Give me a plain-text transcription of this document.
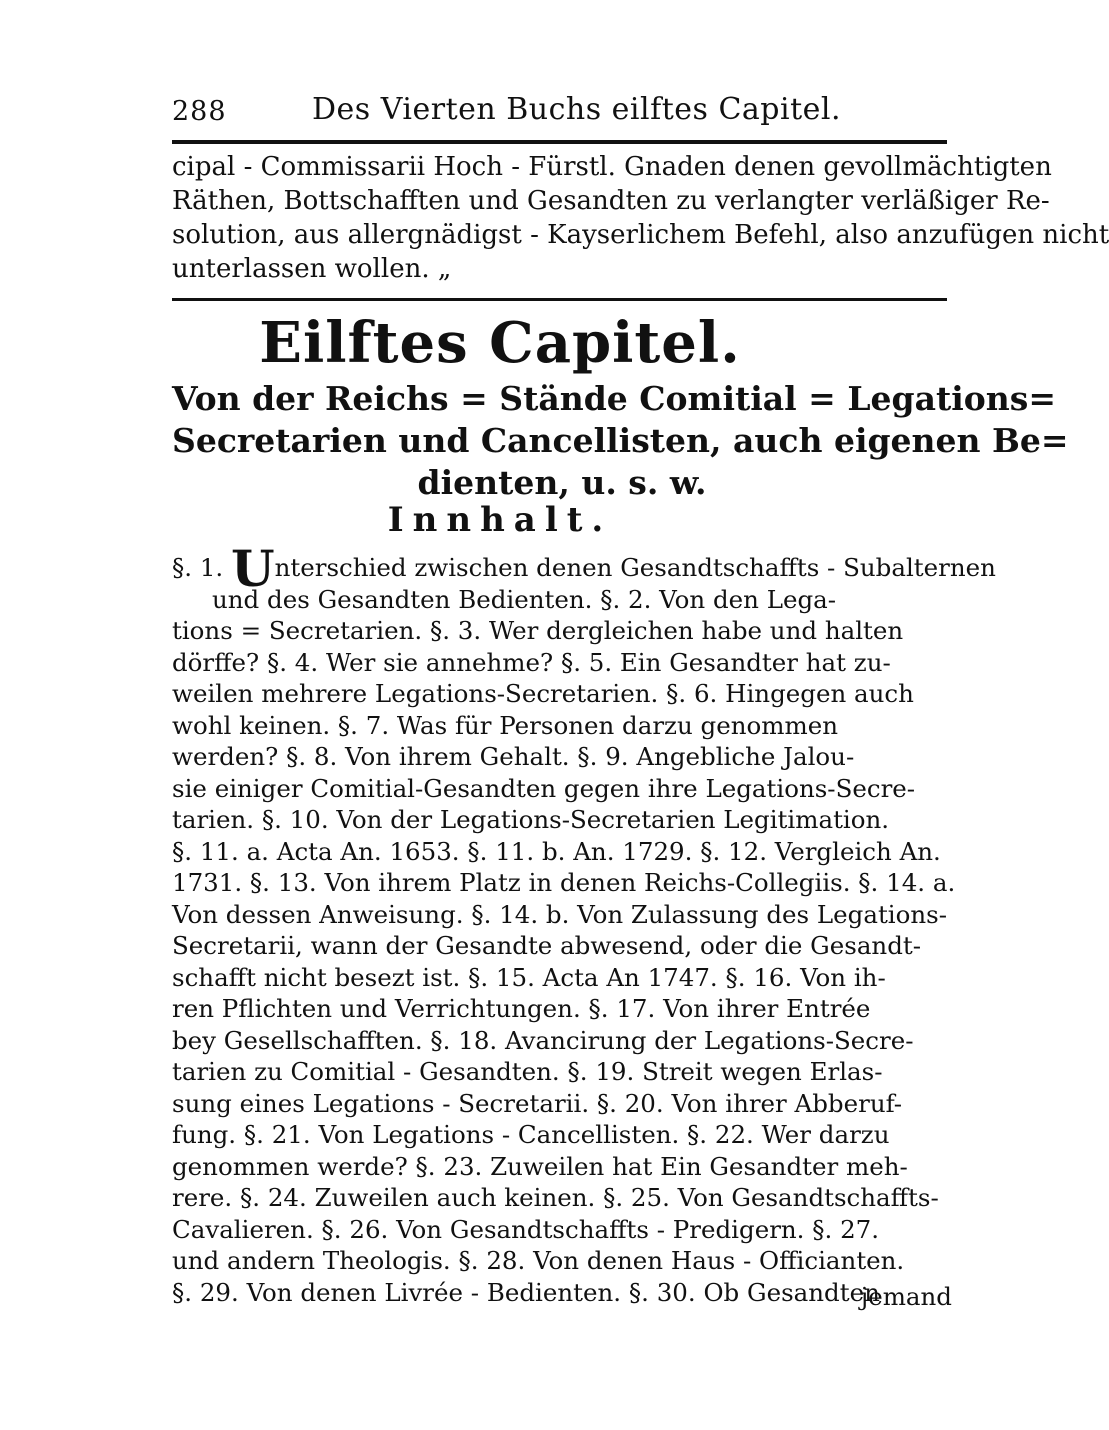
288	Des Vierten Buchs eilftes Capitel.
cipal - Commissarii Hoch - Fürstl. Gnaden denen gevollmächtigten
Räthen, Bottschafften und Gesandten zu verlangter verläßiger Re-
solution, aus allergnädigst - Kayserlichem Befehl, also anzufügen nicht
unterlassen wollen. „
Eilftes Capitel.
Von der Reichs = Stände Comitial = Legations=
Secretarien und Cancellisten, auch eigenen Be=
dienten, u. s. w.
Innhalt.
§. 1. Unterschied zwischen denen Gesandtschaffts - Subalternen
und des Gesandten Bedienten. §. 2. Von den Lega-
tions = Secretarien. §. 3. Wer dergleichen habe und halten
dörffe? §. 4. Wer sie annehme? §. 5. Ein Gesandter hat zu-
weilen mehrere Legations-Secretarien. §. 6. Hingegen auch
wohl keinen. §. 7. Was für Personen darzu genommen
werden? §. 8. Von ihrem Gehalt. §. 9. Angebliche Jalou-
sie einiger Comitial-Gesandten gegen ihre Legations-Secre-
tarien. §. 10. Von der Legations-Secretarien Legitimation.
§. 11. a. Acta An. 1653. §. 11. b. An. 1729. §. 12. Vergleich An.
1731. §. 13. Von ihrem Platz in denen Reichs-Collegiis. §. 14. a.
Von dessen Anweisung. §. 14. b. Von Zulassung des Legations-
Secretarii, wann der Gesandte abwesend, oder die Gesandt-
schafft nicht besezt ist. §. 15. Acta An 1747. §. 16. Von ih-
ren Pflichten und Verrichtungen. §. 17. Von ihrer Entrée
bey Gesellschafften. §. 18. Avancirung der Legations-Secre-
tarien zu Comitial - Gesandten. §. 19. Streit wegen Erlas-
sung eines Legations - Secretarii. §. 20. Von ihrer Abberuf-
fung. §. 21. Von Legations - Cancellisten. §. 22. Wer darzu
genommen werde? §. 23. Zuweilen hat Ein Gesandter meh-
rere. §. 24. Zuweilen auch keinen. §. 25. Von Gesandtschaffts-
Cavalieren. §. 26. Von Gesandtschaffts - Predigern. §. 27.
und andern Theologis. §. 28. Von denen Haus - Officianten.
§. 29. Von denen Livrée - Bedienten. §. 30. Ob Gesandten
jemand
